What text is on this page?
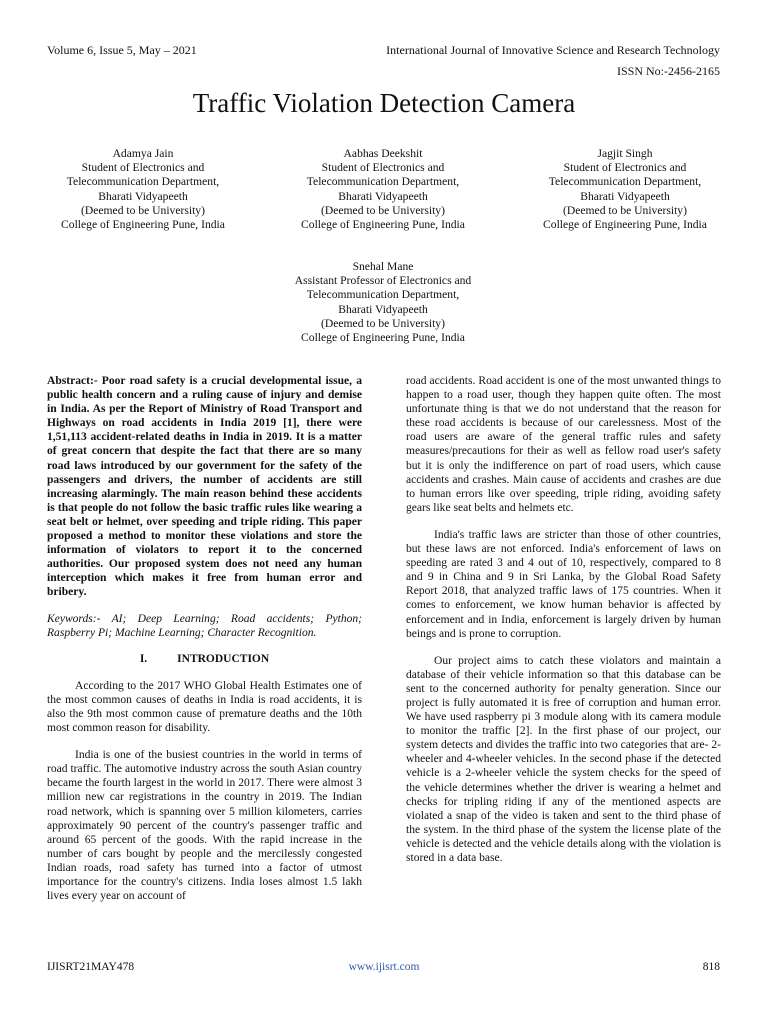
Volume 6, Issue 5, May – 2021	International Journal of Innovative Science and Research Technology
ISSN No:-2456-2165
Traffic Violation Detection Camera
Adamya Jain
Student of Electronics and
Telecommunication Department,
Bharati Vidyapeeth
(Deemed to be University)
College of Engineering Pune, India
Aabhas Deekshit
Student of Electronics and
Telecommunication Department,
Bharati Vidyapeeth
(Deemed to be University)
College of Engineering Pune, India
Jagjit Singh
Student of Electronics and
Telecommunication Department,
Bharati Vidyapeeth
(Deemed to be University)
College of Engineering Pune, India
Snehal Mane
Assistant Professor of Electronics and
Telecommunication Department,
Bharati Vidyapeeth
(Deemed to be University)
College of Engineering Pune, India

Abstract:- Poor road safety is a crucial developmental issue, a public health concern and a ruling cause of injury and demise in India. As per the Report of Ministry of Road Transport and Highways on road accidents in India 2019 [1], there were 1,51,113 accident-related deaths in India in 2019. It is a matter of great concern that despite the fact that there are so many road laws introduced by our government for the safety of the passengers and drivers, the number of accidents are still increasing alarmingly. The main reason behind these accidents is that people do not follow the basic traffic rules like wearing a seat belt or helmet, over speeding and triple riding. This paper proposed a method to monitor these violations and store the information of violators to report it to the concerned authorities. Our proposed system does not need any human interception which makes it free from human error and bribery.

Keywords:- AI; Deep Learning; Road accidents; Python; Raspberry Pi; Machine Learning; Character Recognition.

I.	INTRODUCTION

According to the 2017 WHO Global Health Estimates one of the most common causes of deaths in India is road accidents, it is also the 9th most common cause of premature deaths and the 10th most common reason for disability.

India is one of the busiest countries in the world in terms of road traffic. The automotive industry across the south Asian country became the fourth largest in the world in 2017. There were almost 3 million new car registrations in the country in 2019. The Indian road network, which is spanning over 5 million kilometers, carries approximately 90 percent of the country's passenger traffic and around 65 percent of the goods. With the rapid increase in the number of cars bought by people and the mercilessly congested Indian roads, road safety has turned into a factor of utmost importance for the country's citizens. India loses almost 1.5 lakh lives every year on account of

road accidents. Road accident is one of the most unwanted things to happen to a road user, though they happen quite often. The most unfortunate thing is that we do not understand that the reason for these road accidents is because of our carelessness. Most of the road users are aware of the general traffic rules and safety measures/precautions for their as well as fellow road user's safety but it is only the indifference on part of road users, which cause accidents and crashes. Main cause of accidents and crashes are due to human errors like over speeding, triple riding, avoiding safety gears like seat belts and helmets etc.

India's traffic laws are stricter than those of other countries, but these laws are not enforced. India's enforcement of laws on speeding are rated 3 and 4 out of 10, respectively, compared to 8 and 9 in China and 9 in Sri Lanka, by the Global Road Safety Report 2018, that analyzed traffic laws of 175 countries. When it comes to enforcement, we know human behavior is affected by enforcement and in India, enforcement is largely driven by human beings and is prone to corruption.

Our project aims to catch these violators and maintain a database of their vehicle information so that this database can be sent to the concerned authority for penalty generation. Since our project is fully automated it is free of corruption and human error. We have used raspberry pi 3 module along with its camera module to monitor the traffic [2]. In the first phase of our project, our system detects and divides the traffic into two categories that are- 2-wheeler and 4-wheeler vehicles. In the second phase if the detected vehicle is a 2-wheeler vehicle the system checks for the speed of the vehicle determines whether the driver is wearing a helmet and checks for tripling riding if any of the mentioned aspects are violated a snap of the video is taken and sent to the third phase of the system. In the third phase of the system the license plate of the vehicle is detected and the vehicle details along with the violation is stored in a data base.

IJISRT21MAY478	www.ijisrt.com	818
